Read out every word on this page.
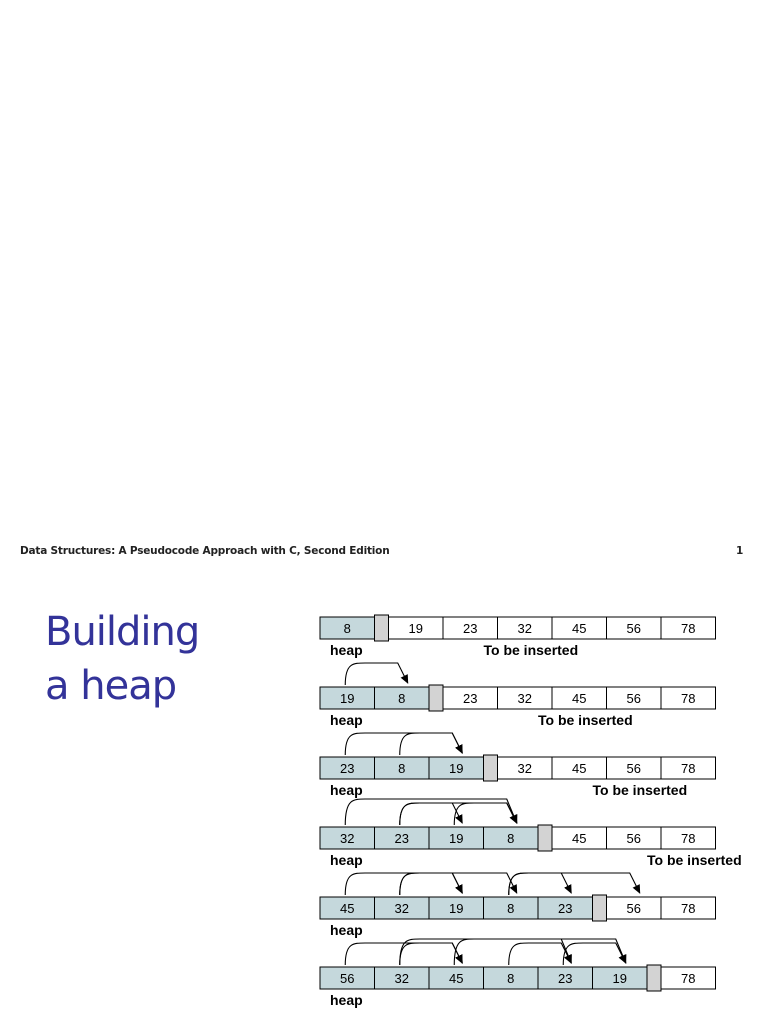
Data Structures: A Pseudocode Approach with C, Second Edition	1
Building
a heap
8	19	23	32	45	56	78
heap	To be inserted
19	8	23	32	45	56	78
heap	To be inserted
23	8	19	32	45	56	78
heap	To be inserted
32	23	19	8	45	56	78
heap	To be inserted
45	32	19	8	23	56	78
heap
56	32	45	8	23	19	78
heap
